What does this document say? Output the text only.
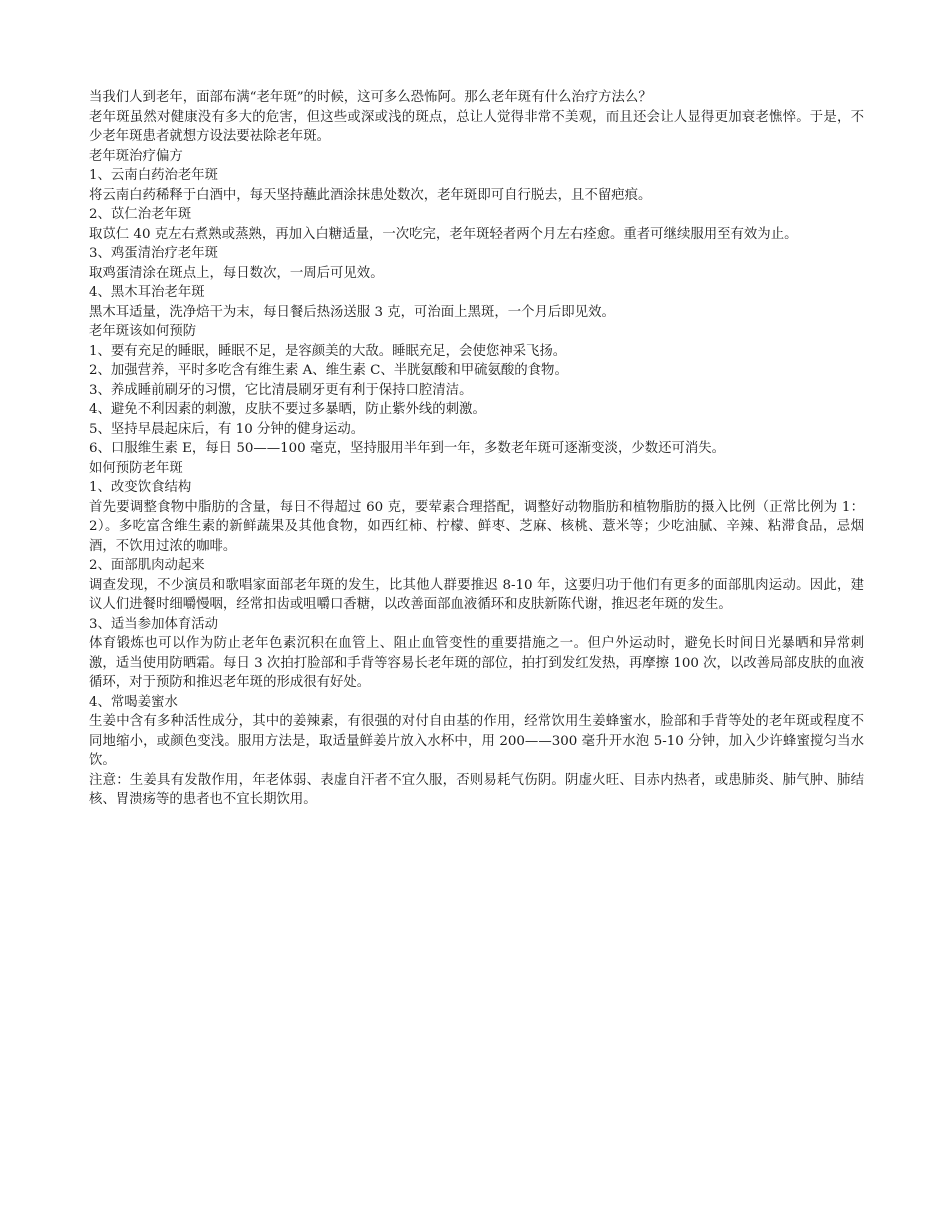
当我们人到老年，面部布满“老年斑”的时候，这可多么恐怖阿。那么老年斑有什么治疗方法么？

老年斑虽然对健康没有多大的危害，但这些或深或浅的斑点，总让人觉得非常不美观，而且还会让人显得更加衰老憔悴。于是，不少老年斑患者就想方设法要祛除老年斑。

老年斑治疗偏方

1、云南白药治老年斑

将云南白药稀释于白酒中，每天坚持蘸此酒涂抹患处数次，老年斑即可自行脱去，且不留疤痕。

2、苡仁治老年斑

取苡仁 40 克左右煮熟或蒸熟，再加入白糖适量，一次吃完，老年斑轻者两个月左右痊愈。重者可继续服用至有效为止。

3、鸡蛋清治疗老年斑

取鸡蛋清涂在斑点上，每日数次，一周后可见效。

4、黑木耳治老年斑

黑木耳适量，洗净焙干为末，每日餐后热汤送服 3 克，可治面上黑斑，一个月后即见效。

老年斑该如何预防

1、要有充足的睡眠，睡眠不足，是容颜美的大敌。睡眠充足，会使您神采飞扬。

2、加强营养，平时多吃含有维生素 A、维生素 C、半胱氨酸和甲硫氨酸的食物。

3、养成睡前刷牙的习惯，它比清晨刷牙更有利于保持口腔清洁。

4、避免不利因素的刺激，皮肤不要过多暴晒，防止紫外线的刺激。

5、坚持早晨起床后，有 10 分钟的健身运动。

6、口服维生素 E，每日 50——100 毫克，坚持服用半年到一年，多数老年斑可逐渐变淡，少数还可消失。

如何预防老年斑

1、改变饮食结构

首先要调整食物中脂肪的含量，每日不得超过 60 克，要荤素合理搭配，调整好动物脂肪和植物脂肪的摄入比例（正常比例为 1：2）。多吃富含维生素的新鲜蔬果及其他食物，如西红柿、柠檬、鲜枣、芝麻、核桃、薏米等；少吃油腻、辛辣、粘滞食品，忌烟酒，不饮用过浓的咖啡。

2、面部肌肉动起来

调查发现，不少演员和歌唱家面部老年斑的发生，比其他人群要推迟 8-10 年，这要归功于他们有更多的面部肌肉运动。因此，建议人们进餐时细嚼慢咽，经常扣齿或咀嚼口香糖，以改善面部血液循环和皮肤新陈代谢，推迟老年斑的发生。

3、适当参加体育活动

体育锻炼也可以作为防止老年色素沉积在血管上、阻止血管变性的重要措施之一。但户外运动时，避免长时间日光暴晒和异常刺激，适当使用防晒霜。每日 3 次拍打脸部和手背等容易长老年斑的部位，拍打到发红发热，再摩擦 100 次，以改善局部皮肤的血液循环，对于预防和推迟老年斑的形成很有好处。

4、常喝姜蜜水

生姜中含有多种活性成分，其中的姜辣素，有很强的对付自由基的作用，经常饮用生姜蜂蜜水，脸部和手背等处的老年斑或程度不同地缩小，或颜色变浅。服用方法是，取适量鲜姜片放入水杯中，用 200——300 毫升开水泡 5-10 分钟，加入少许蜂蜜搅匀当水饮。

注意：生姜具有发散作用，年老体弱、表虚自汗者不宜久服，否则易耗气伤阴。阴虚火旺、目赤内热者，或患肺炎、肺气肿、肺结核、胃溃疡等的患者也不宜长期饮用。
